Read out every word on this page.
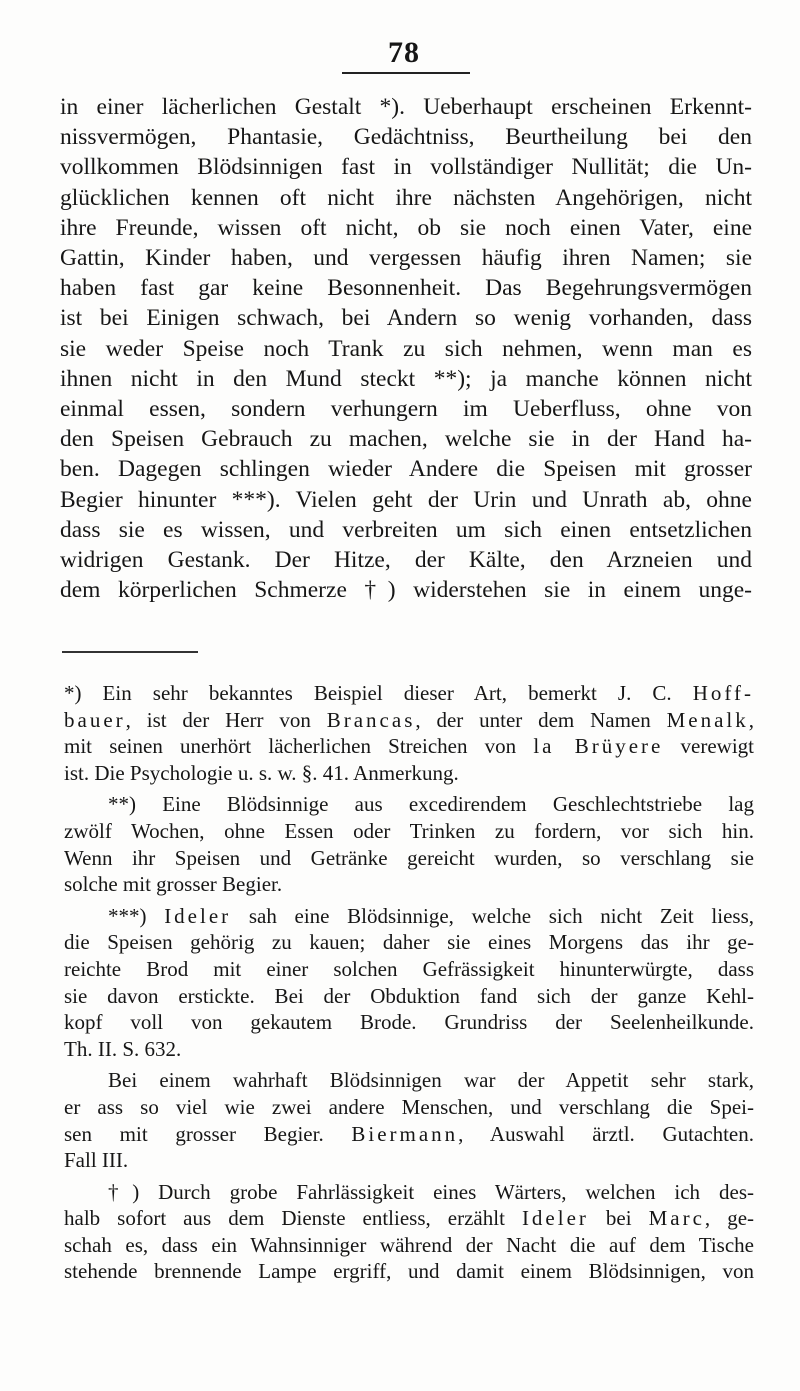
78
in einer lächerlichen Gestalt *). Ueberhaupt erscheinen Erkennt-
nissvermögen, Phantasie, Gedächtniss, Beurtheilung bei den
vollkommen Blödsinnigen fast in vollständiger Nullität; die Un-
glücklichen kennen oft nicht ihre nächsten Angehörigen, nicht
ihre Freunde, wissen oft nicht, ob sie noch einen Vater, eine
Gattin, Kinder haben, und vergessen häufig ihren Namen; sie
haben fast gar keine Besonnenheit. Das Begehrungsvermögen
ist bei Einigen schwach, bei Andern so wenig vorhanden, dass
sie weder Speise noch Trank zu sich nehmen, wenn man es
ihnen nicht in den Mund steckt **); ja manche können nicht
einmal essen, sondern verhungern im Ueberfluss, ohne von
den Speisen Gebrauch zu machen, welche sie in der Hand ha-
ben. Dagegen schlingen wieder Andere die Speisen mit grosser
Begier hinunter ***). Vielen geht der Urin und Unrath ab, ohne
dass sie es wissen, und verbreiten um sich einen entsetzlichen
widrigen Gestank. Der Hitze, der Kälte, den Arzneien und
dem körperlichen Schmerze †) widerstehen sie in einem unge-
*) Ein sehr bekanntes Beispiel dieser Art, bemerkt J. C. Hoff-
bauer, ist der Herr von Brancas, der unter dem Namen Menalk,
mit seinen unerhört lächerlichen Streichen von la Brüyere verewigt
ist. Die Psychologie u. s. w. §. 41. Anmerkung.
**) Eine Blödsinnige aus excedirendem Geschlechtstriebe lag
zwölf Wochen, ohne Essen oder Trinken zu fordern, vor sich hin.
Wenn ihr Speisen und Getränke gereicht wurden, so verschlang sie
solche mit grosser Begier.
***) Ideler sah eine Blödsinnige, welche sich nicht Zeit liess,
die Speisen gehörig zu kauen; daher sie eines Morgens das ihr ge-
reichte Brod mit einer solchen Gefrässigkeit hinunterwürgte, dass
sie davon erstickte. Bei der Obduktion fand sich der ganze Kehl-
kopf voll von gekautem Brode. Grundriss der Seelenheilkunde.
Th. II. S. 632.
Bei einem wahrhaft Blödsinnigen war der Appetit sehr stark,
er ass so viel wie zwei andere Menschen, und verschlang die Spei-
sen mit grosser Begier. Biermann, Auswahl ärztl. Gutachten.
Fall III.
†) Durch grobe Fahrlässigkeit eines Wärters, welchen ich des-
halb sofort aus dem Dienste entliess, erzählt Ideler bei Marc, ge-
schah es, dass ein Wahnsinniger während der Nacht die auf dem Tische
stehende brennende Lampe ergriff, und damit einem Blödsinnigen, von
